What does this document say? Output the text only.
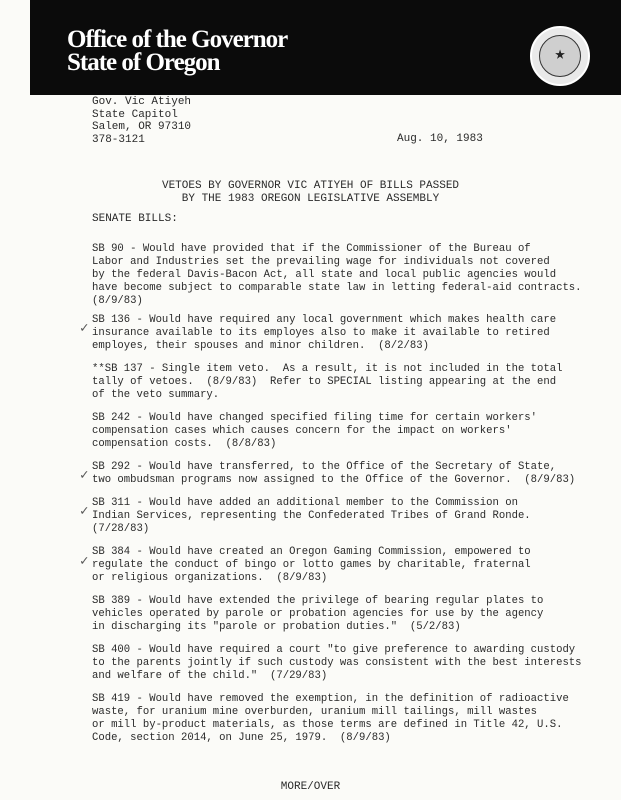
Office of the Governor
State of Oregon	★
Gov. Vic Atiyeh
State Capitol
Salem, OR 97310
378-3121	Aug. 10, 1983
VETOES BY GOVERNOR VIC ATIYEH OF BILLS PASSED
BY THE 1983 OREGON LEGISLATIVE ASSEMBLY
SENATE BILLS:
SB 90 - Would have provided that if the Commissioner of the Bureau of
Labor and Industries set the prevailing wage for individuals not covered
by the federal Davis-Bacon Act, all state and local public agencies would
have become subject to comparable state law in letting federal-aid contracts.
(8/9/83)
SB 136 - Would have required any local government which makes health care
insurance available to its employes also to make it available to retired
employes, their spouses and minor children.  (8/2/83)
**SB 137 - Single item veto.  As a result, it is not included in the total
tally of vetoes.  (8/9/83)  Refer to SPECIAL listing appearing at the end
of the veto summary.
SB 242 - Would have changed specified filing time for certain workers'
compensation cases which causes concern for the impact on workers'
compensation costs.  (8/8/83)
SB 292 - Would have transferred, to the Office of the Secretary of State,
two ombudsman programs now assigned to the Office of the Governor.  (8/9/83)
SB 311 - Would have added an additional member to the Commission on
Indian Services, representing the Confederated Tribes of Grand Ronde.
(7/28/83)
SB 384 - Would have created an Oregon Gaming Commission, empowered to
regulate the conduct of bingo or lotto games by charitable, fraternal
or religious organizations.  (8/9/83)
SB 389 - Would have extended the privilege of bearing regular plates to
vehicles operated by parole or probation agencies for use by the agency
in discharging its "parole or probation duties."  (5/2/83)
SB 400 - Would have required a court "to give preference to awarding custody
to the parents jointly if such custody was consistent with the best interests
and welfare of the child."  (7/29/83)
SB 419 - Would have removed the exemption, in the definition of radioactive
waste, for uranium mine overburden, uranium mill tailings, mill wastes
or mill by-product materials, as those terms are defined in Title 42, U.S.
Code, section 2014, on June 25, 1979.  (8/9/83)
✓
✓
✓
✓
MORE/OVER
